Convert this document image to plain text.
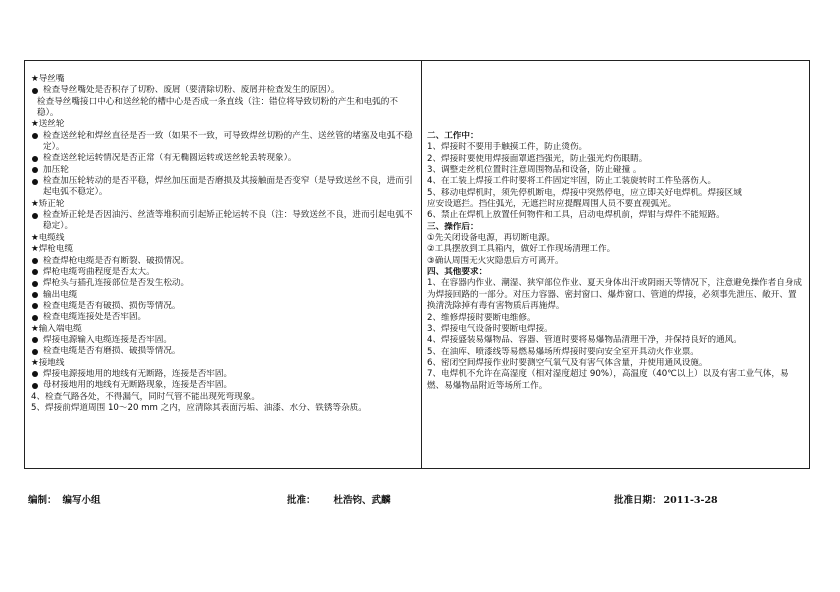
★导丝嘴
检查导丝嘴处是否积存了切粉、废屑（要清除切粉、废屑并检查发生的原因）。
检查导丝嘴接口中心和送丝轮的槽中心是否成一条直线（注：错位将导致切粉的产生和电弧的不稳）。
★送丝轮
检查送丝轮和焊丝直径是否一致（如果不一致，可导致焊丝切粉的产生、送丝管的堵塞及电弧不稳定）。
检查送丝轮运转情况是否正常（有无椭圆运转或送丝轮丢转现象）。
加压轮
检查加压轮转动的是否平稳，焊丝加压面是否磨损及其接触面是否变窄（是导致送丝不良，进而引起电弧不稳定）。
★矫正轮
检查矫正轮是否因油污、丝渣等堆积而引起矫正轮运转不良（注：导致送丝不良，进而引起电弧不稳定）。
★电缆线
★焊枪电缆
检查焊枪电缆是否有断裂、破损情况。
焊枪电缆弯曲程度是否太大。
焊枪头与插孔连接部位是否发生松动。
输出电缆
检查电缆是否有破损、损伤等情况。
检查电缆连接处是否牢固。
★输入端电缆
焊接电源输入电缆连接是否牢固。
检查电缆是否有磨损、破损等情况。
★接地线
焊接电源接地用的地线有无断路，连接是否牢固。
母材接地用的地线有无断路现象，连接是否牢固。
4、检查气路各处，不得漏气，同时气管不能出现死弯现象。
5、焊接前焊道周围 10～20 mm 之内，应清除其表面污垢、油漆、水分、铁锈等杂质。
二、工作中：
1、焊接时不要用手触摸工件，防止烫伤。
2、焊接时要使用焊接面罩遮挡强光，防止强光灼伤眼睛。
3、调整走丝机位置时注意周围物品和设备，防止碰撞 。
4、在工装上焊接工件时要将工件固定牢固，防止工装旋转时工件坠落伤人。
5、移动电焊机时，须先停机断电，焊接中突然停电，应立即关好电焊机。焊接区域
应安设遮拦。挡住弧光，无遮拦时应提醒周围人员不要直视弧光。
6、禁止在焊机上放置任何物件和工具，启动电焊机前，焊钳与焊件不能短路。
三、操作后：
①先关闭设备电源，再切断电源。
②工具摆放到工具箱内，做好工作现场清理工作。
③确认周围无火灾隐患后方可离开。
四、其他要求：
1、在容器内作业、潮湿、狭窄部位作业、夏天身体出汗或阴雨天等情况下，注意避免操作者自身成为焊接回路的一部分。对压力容器、密封窗口、爆炸窗口、管道的焊接，必须事先泄压、敞开、置换清洗除掉有毒有害物质后再施焊。
2、维修焊接时要断电维修。
3、焊接电气设备时要断电焊接。
4、焊接盛装易爆物品、容器、管道时要将易爆物品清理干净，并保持良好的通风。
5、在油库、喷漆线等易燃易爆场所焊接时要向安全室开具动火作业票。
6、密闭空间焊接作业时要测空气氧气及有害气体含量，并使用通风设施。
7、电焊机不允许在高湿度（相对湿度超过 90%），高温度（40℃以上）以及有害工业气体，易燃、易爆物品附近等场所工作。
编制： 编写小组	批准： 杜浩钧、武麟	批准日期： 2011-3-28
